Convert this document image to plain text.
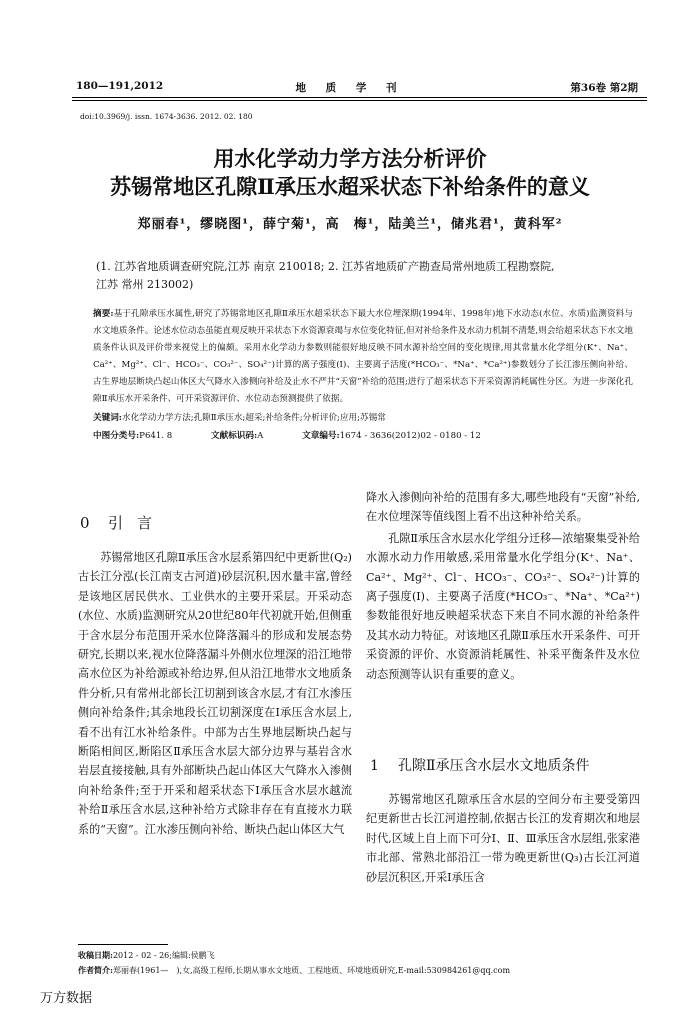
180—191,2012	地 质 学 刊	第36卷 第2期
doi:10.3969/j. issn. 1674-3636. 2012. 02. 180
用水化学动力学方法分析评价
苏锡常地区孔隙Ⅱ承压水超采状态下补给条件的意义
郑丽春¹，缪晓图¹，薛宁菊¹，高　梅¹，陆美兰¹，储兆君¹，黄科军²
(1. 江苏省地质调查研究院,江苏 南京 210018; 2. 江苏省地质矿产勘查局常州地质工程勘察院,
江苏 常州 213002)
摘要:基于孔隙承压水属性,研究了苏锡常地区孔隙Ⅱ承压水超采状态下最大水位埋深期(1994年、1998年)地下水动态(水位、水质)监测资料与水文地质条件。论述水位动态虽能直观反映开采状态下水资源衰竭与水位变化特征,但对补给条件及水动力机制不清楚,则会给超采状态下水文地质条件认识及评价带来视觉上的偏颇。采用水化学动力参数则能很好地反映不同水源补给空间的变化规律,用其常量水化学组分(K⁺、Na⁺、Ca²⁺、Mg²⁺、Cl⁻、HCO₃⁻、CO₃²⁻、SO₄²⁻)计算的离子强度(I)、主要离子活度(*HCO₃⁻、*Na⁺、*Ca²⁺)参数划分了长江渗压侧向补给、古生界地层断块凸起山体区大气降水入渗侧向补给及止水不严井“天窗”补给的范围;进行了超采状态下开采资源消耗属性分区。为进一步深化孔隙Ⅱ承压水开采条件、可开采资源评价、水位动态预测提供了依据。
关键词:水化学动力学方法;孔隙Ⅱ承压水;超采;补给条件;分析评价;应用;苏锡常
中图分类号:P641. 8	文献标识码:A	文章编号:1674 - 3636(2012)02 - 0180 - 12
0 引言

苏锡常地区孔隙Ⅱ承压含水层系第四纪中更新世(Q₂)古长江分泓(长江南支古河道)砂层沉积,因水量丰富,曾经是该地区居民供水、工业供水的主要开采层。开采动态(水位、水质)监测研究从20世纪80年代初就开始,但侧重于含水层分布范围开采水位降落漏斗的形成和发展态势研究,长期以来,视水位降落漏斗外侧水位埋深的沿江地带高水位区为补给源或补给边界,但从沿江地带水文地质条件分析,只有常州北部长江切割到该含水层,才有江水渗压侧向补给条件;其余地段长江切割深度在Ⅰ承压含水层上,看不出有江水补给条件。中部为古生界地层断块凸起与断陷相间区,断陷区Ⅱ承压含水层大部分边界与基岩含水岩层直接接触,具有外部断块凸起山体区大气降水入渗侧向补给条件;至于开采和超采状态下Ⅰ承压含水层水越流补给Ⅱ承压含水层,这种补给方式除非存在有直接水力联系的“天窗”。江水渗压侧向补给、断块凸起山体区大气

降水入渗侧向补给的范围有多大,哪些地段有“天窗”补给,在水位埋深等值线图上看不出这种补给关系。

孔隙Ⅱ承压含水层水化学组分迁移—浓缩聚集受补给水源水动力作用敏感,采用常量水化学组分(K⁺、Na⁺、Ca²⁺、Mg²⁺、Cl⁻、HCO₃⁻、CO₃²⁻、SO₄²⁻)计算的离子强度(I)、主要离子活度(*HCO₃⁻、*Na⁺、*Ca²⁺)参数能很好地反映超采状态下来自不同水源的补给条件及其水动力特征。对该地区孔隙Ⅱ承压水开采条件、可开采资源的评价、水资源消耗属性、补采平衡条件及水位动态预测等认识有重要的意义。

1 孔隙Ⅱ承压含水层水文地质条件

苏锡常地区孔隙承压含水层的空间分布主要受第四纪更新世古长江河道控制,依据古长江的发育期次和地层时代,区域上自上而下可分Ⅰ、Ⅱ、Ⅲ承压含水层组,张家港市北部、常熟北部沿江一带为晚更新世(Q₃)古长江河道砂层沉积区,开采Ⅰ承压含

收稿日期:2012 - 02 - 26;编辑:侯鹏飞
作者简介:郑丽春(1961—　),女,高级工程师,长期从事水文地质、工程地质、环境地质研究,E-mail:530984261@qq.com
万方数据
